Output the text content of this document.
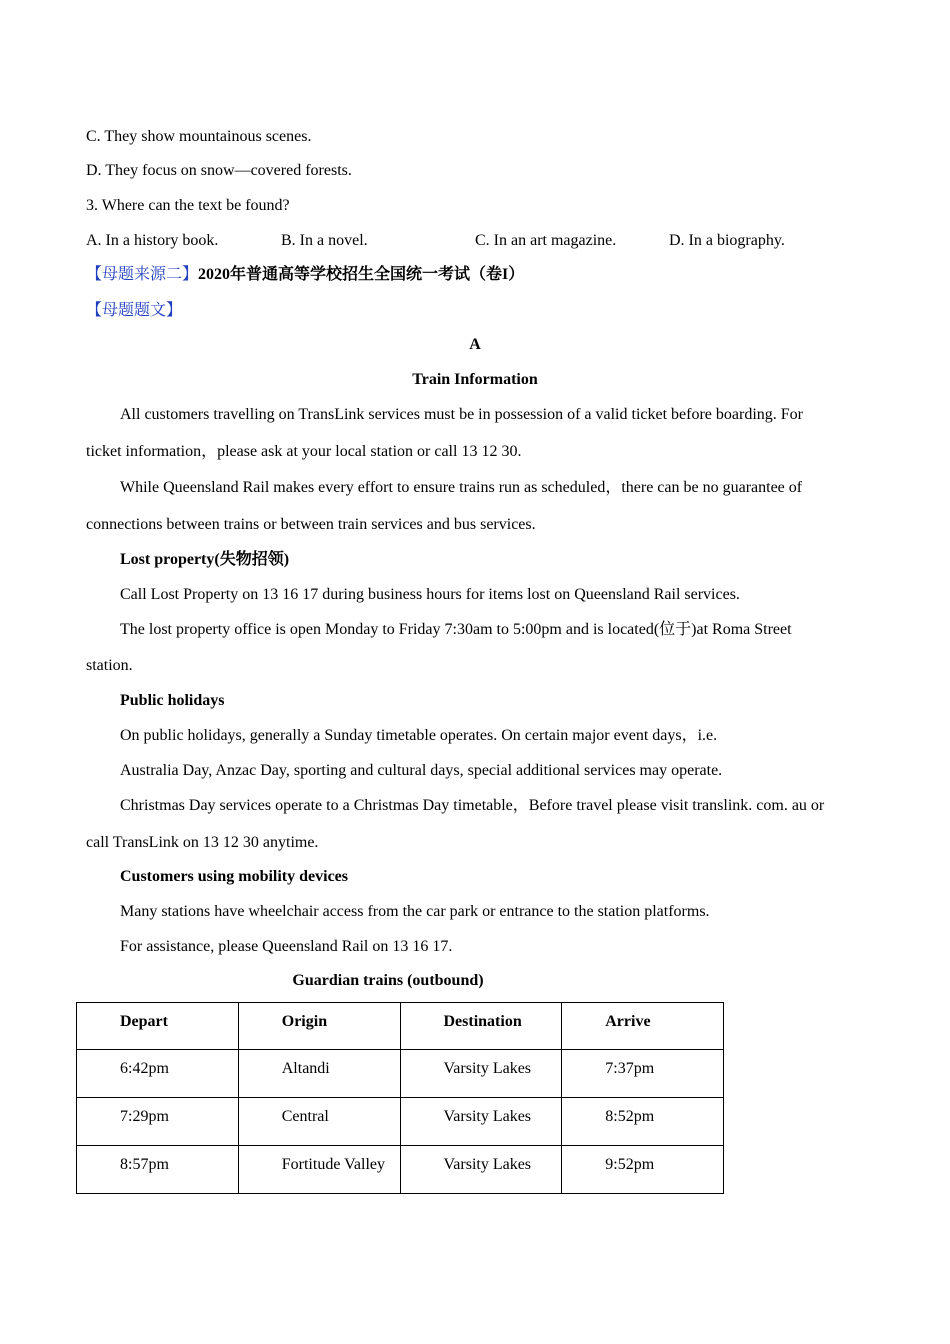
C. They show mountainous scenes.
D. They focus on snow—covered forests.
3. Where can the text be found?
A. In a history book.	B. In a novel.	C. In an art magazine.	D. In a biography.
【母题来源二】2020年普通高等学校招生全国统一考试（卷I）
【母题题文】
A
Train Information
All customers travelling on TransLink services must be in possession of a valid ticket before boarding. For
ticket information，please ask at your local station or call 13 12 30.
While Queensland Rail makes every effort to ensure trains run as scheduled，there can be no guarantee of
connections between trains or between train services and bus services.
Lost property(失物招领)
Call Lost Property on 13 16 17 during business hours for items lost on Queensland Rail services.
The lost property office is open Monday to Friday 7:30am to 5:00pm and is located(位于)at Roma Street
station.
Public holidays
On public holidays, generally a Sunday timetable operates. On certain major event days，i.e.
Australia Day, Anzac Day, sporting and cultural days, special additional services may operate.
Christmas Day services operate to a Christmas Day timetable，Before travel please visit translink. com. au or
call TransLink on 13 12 30 anytime.
Customers using mobility devices
Many stations have wheelchair access from the car park or entrance to the station platforms.
For assistance, please Queensland Rail on 13 16 17.
Guardian trains (outbound)
Depart	Origin	Destination	Arrive
6:42pm	Altandi	Varsity Lakes	7:37pm
7:29pm	Central	Varsity Lakes	8:52pm
8:57pm	Fortitude Valley	Varsity Lakes	9:52pm
